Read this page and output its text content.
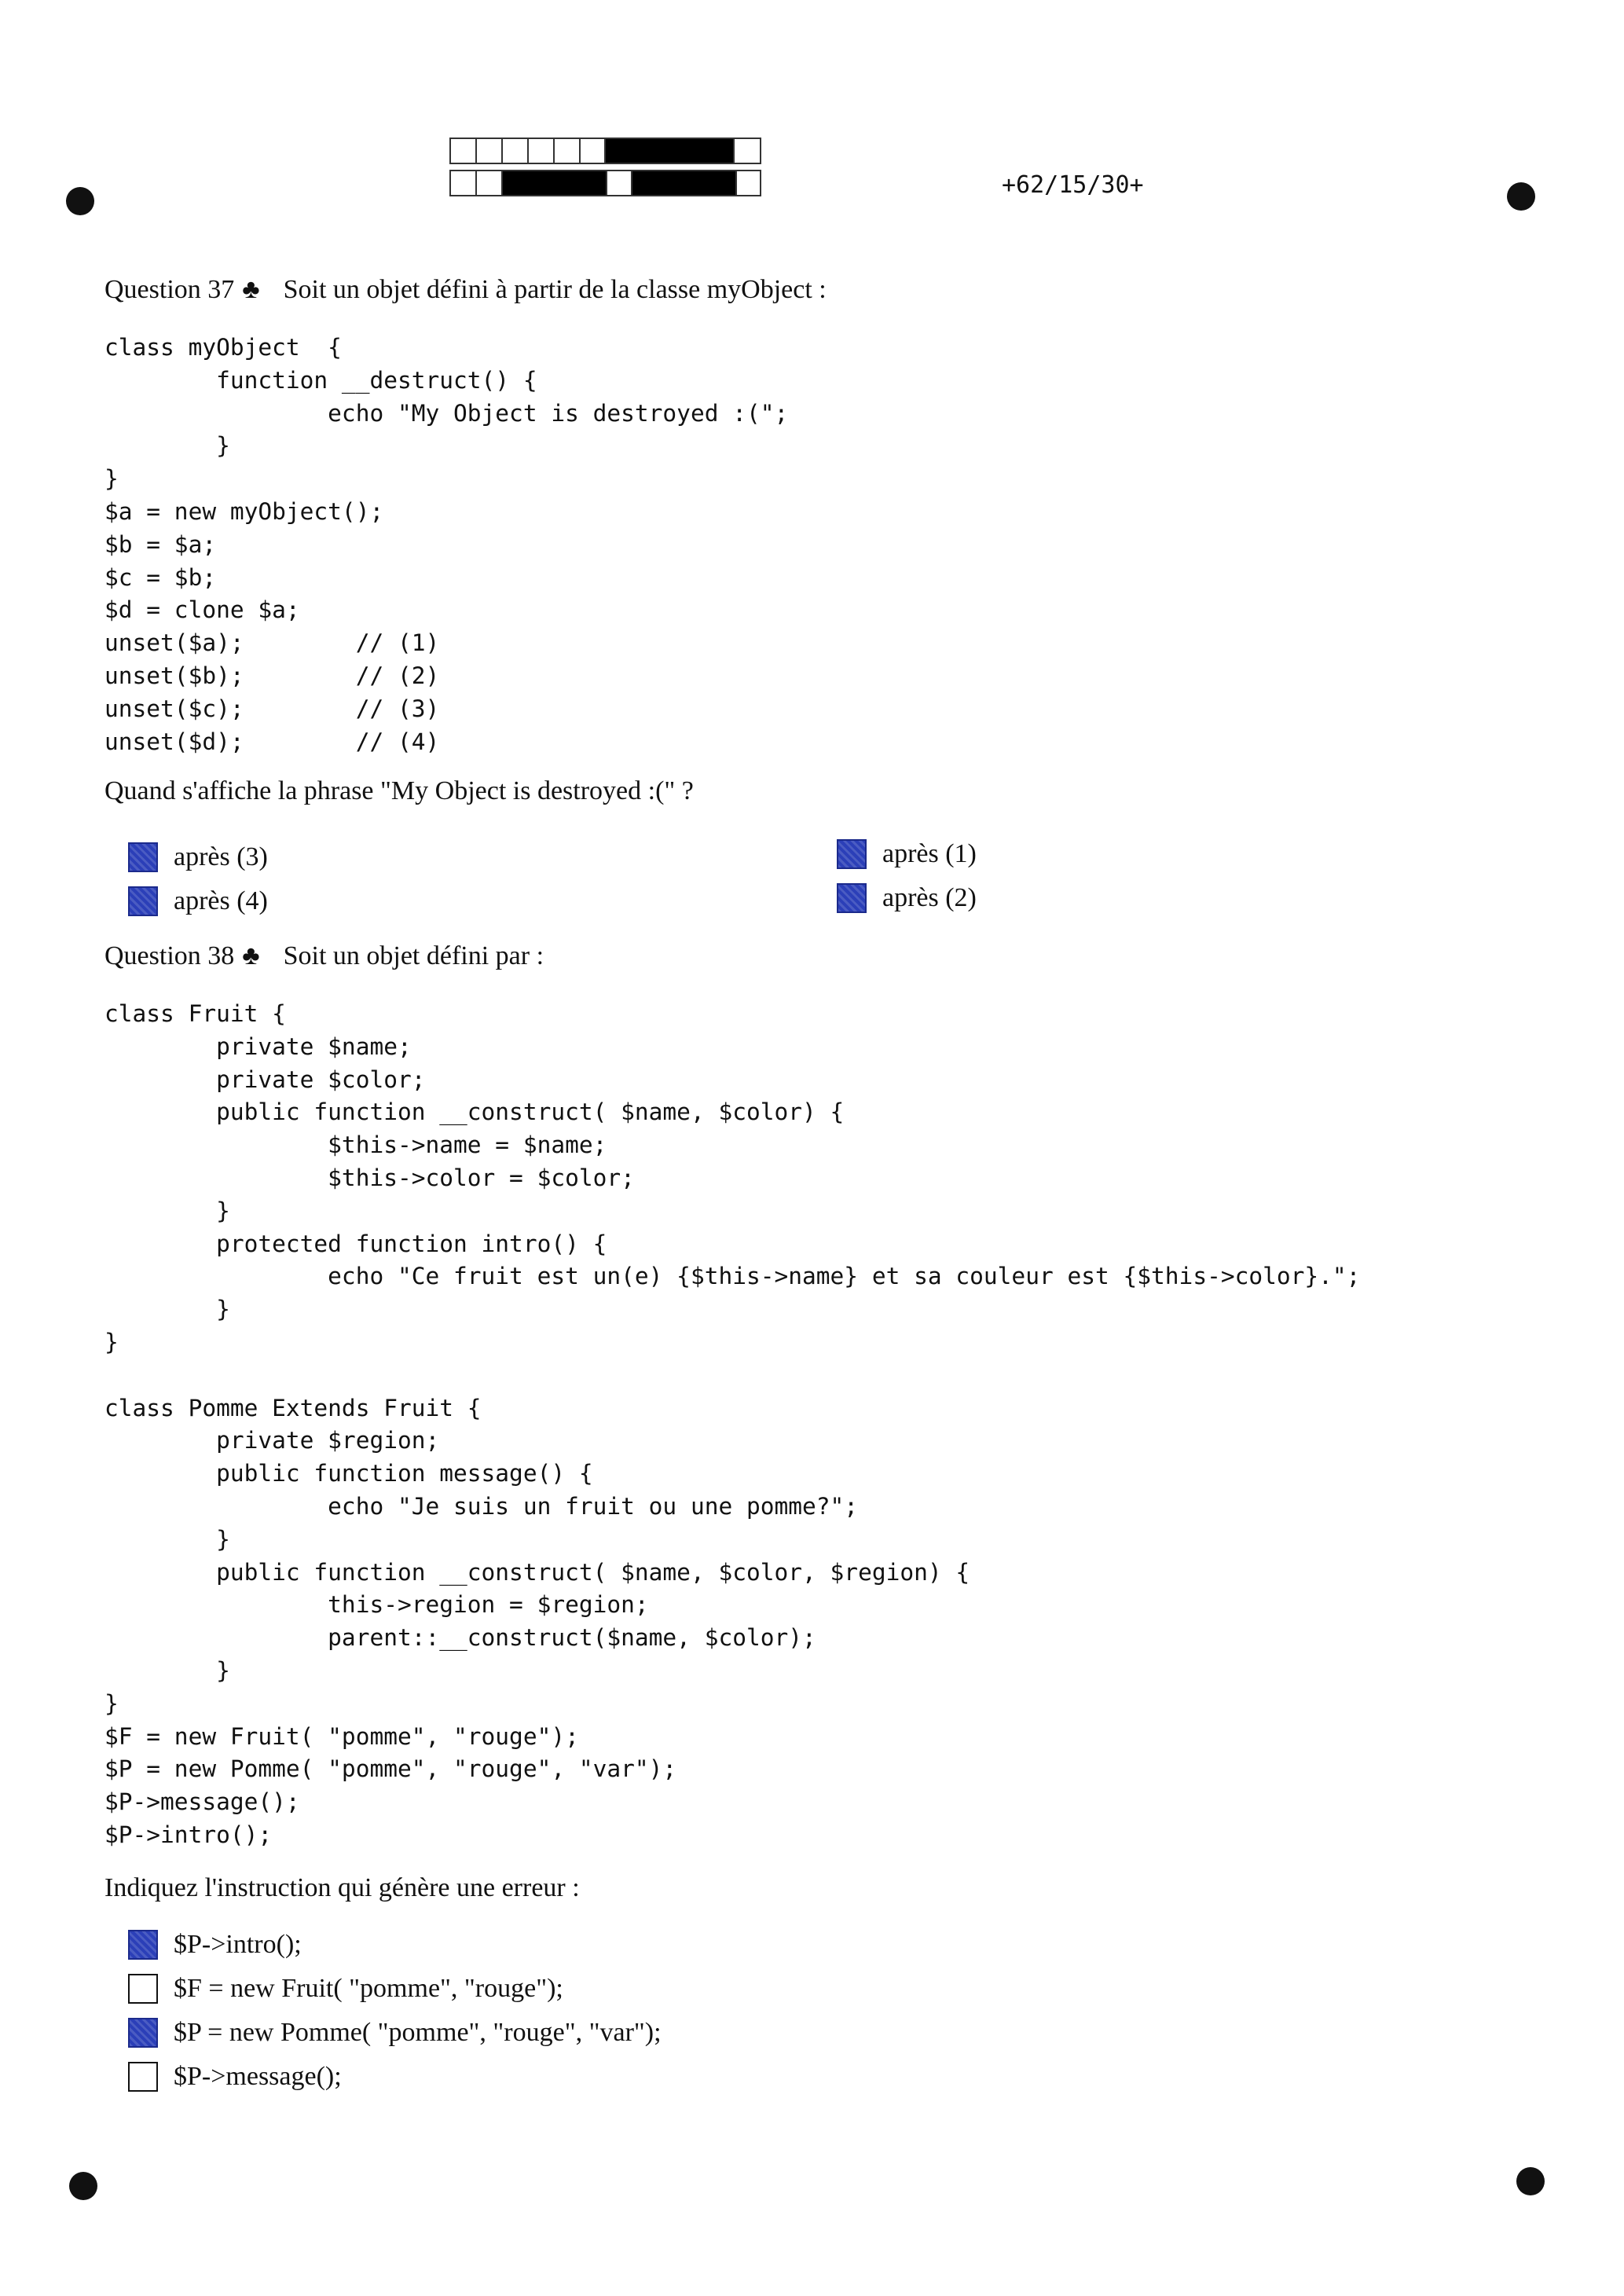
+62/15/30+
Question 37 ♣ Soit un objet défini à partir de la classe myObject :
class myObject  {
function __destruct() {
echo "My Object is destroyed :(";
}
}
$a = new myObject();
$b = $a;
$c = $b;
$d = clone $a;
unset($a);        // (1)
unset($b);        // (2)
unset($c);        // (3)
unset($d);        // (4)
Quand s'affiche la phrase "My Object is destroyed :(" ?
après (3)	après (1)
après (4)	après (2)
Question 38 ♣ Soit un objet défini par :
class Fruit {
private $name;
private $color;
public function __construct( $name, $color) {
$this->name = $name;
$this->color = $color;
}
protected function intro() {
echo "Ce fruit est un(e) {$this->name} et sa couleur est {$this->color}.";
}
}

class Pomme Extends Fruit {
private $region;
public function message() {
echo "Je suis un fruit ou une pomme?";
}
public function __construct( $name, $color, $region) {
this->region = $region;
parent::__construct($name, $color);
}
}
$F = new Fruit( "pomme", "rouge");
$P = new Pomme( "pomme", "rouge", "var");
$P->message();
$P->intro();
Indiquez l'instruction qui génère une erreur :
$P->intro();
$F = new Fruit( "pomme", "rouge");
$P = new Pomme( "pomme", "rouge", "var");
$P->message();
